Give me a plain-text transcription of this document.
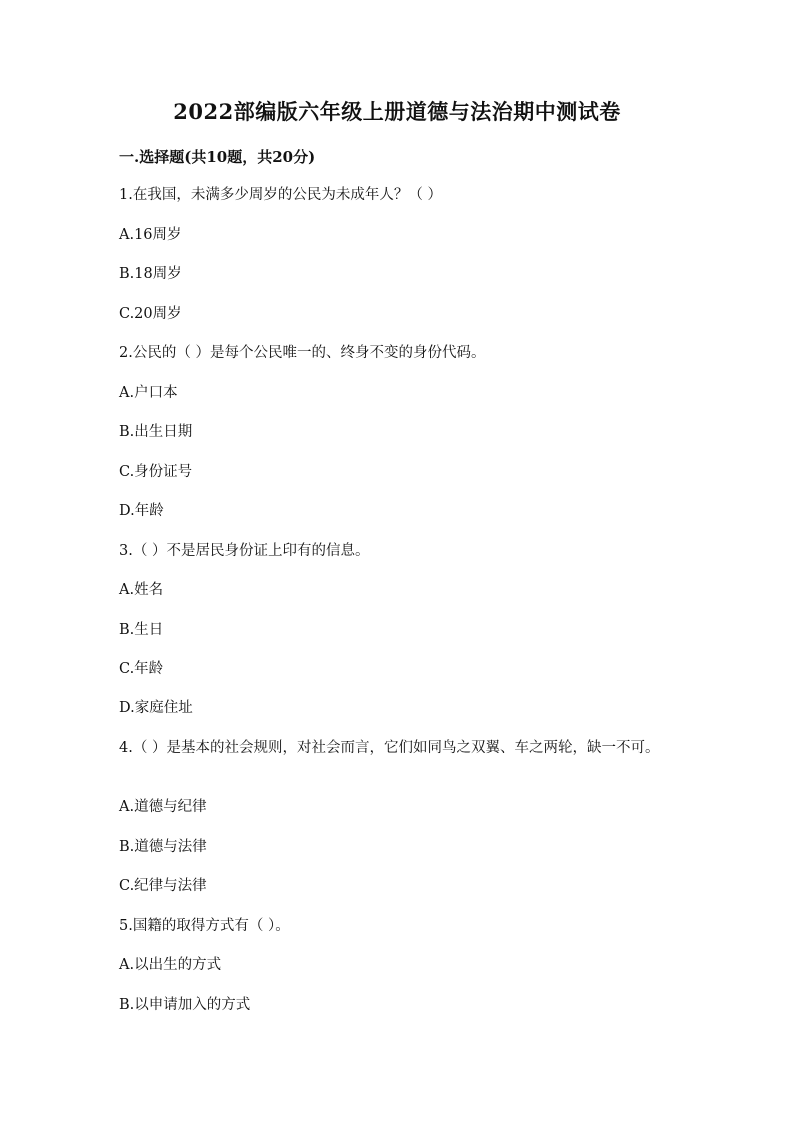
2022部编版六年级上册道德与法治期中测试卷
一.选择题(共10题，共20分)
1.在我国，未满多少周岁的公民为未成年人？（ ）
A.16周岁
B.18周岁
C.20周岁
2.公民的（ ）是每个公民唯一的、终身不变的身份代码。
A.户口本
B.出生日期
C.身份证号
D.年龄
3.（ ）不是居民身份证上印有的信息。
A.姓名
B.生日
C.年龄
D.家庭住址
4.（ ）是基本的社会规则，对社会而言，它们如同鸟之双翼、车之两轮，缺一不可。
A.道德与纪律
B.道德与法律
C.纪律与法律
5.国籍的取得方式有（ ）。
A.以出生的方式
B.以申请加入的方式
